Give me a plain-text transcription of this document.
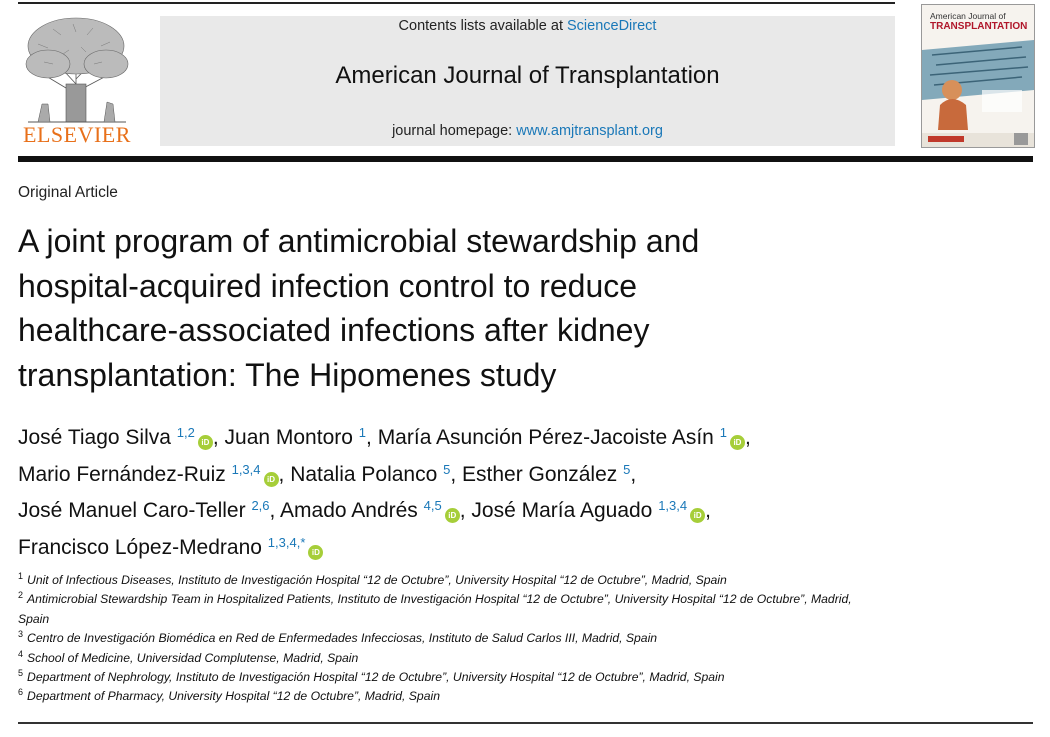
ELSEVIER
Contents lists available at ScienceDirect
American Journal of Transplantation
journal homepage: www.amjtransplant.org
American Journal of
TRANSPLANTATION
Original Article
A joint program of antimicrobial stewardship and
hospital-acquired infection control to reduce
healthcare-associated infections after kidney
transplantation: The Hipomenes study
José Tiago Silva $^{1,2}$iD , Juan Montoro $^1$, María Asunción Pérez-Jacoiste Asín $^1$iD ,
Mario Fernández-Ruiz $^{1,3,4}$iD , Natalia Polanco $^5$, Esther González $^5$,
José Manuel Caro-Teller $^{2,6}$, Amado Andrés $^{4,5}$iD , José María Aguado $^{1,3,4}$iD ,
Francisco López-Medrano $^{1,3,4,*}$iD
$^1$ Unit of Infectious Diseases, Instituto de Investigación Hospital “12 de Octubre”, University Hospital “12 de Octubre”, Madrid, Spain
$^2$ Antimicrobial Stewardship Team in Hospitalized Patients, Instituto de Investigación Hospital “12 de Octubre”, University Hospital “12 de Octubre”, Madrid, Spain
$^3$ Centro de Investigación Biomédica en Red de Enfermedades Infecciosas, Instituto de Salud Carlos III, Madrid, Spain
$^4$ School of Medicine, Universidad Complutense, Madrid, Spain
$^5$ Department of Nephrology, Instituto de Investigación Hospital “12 de Octubre”, University Hospital “12 de Octubre”, Madrid, Spain
$^6$ Department of Pharmacy, University Hospital “12 de Octubre”, Madrid, Spain
